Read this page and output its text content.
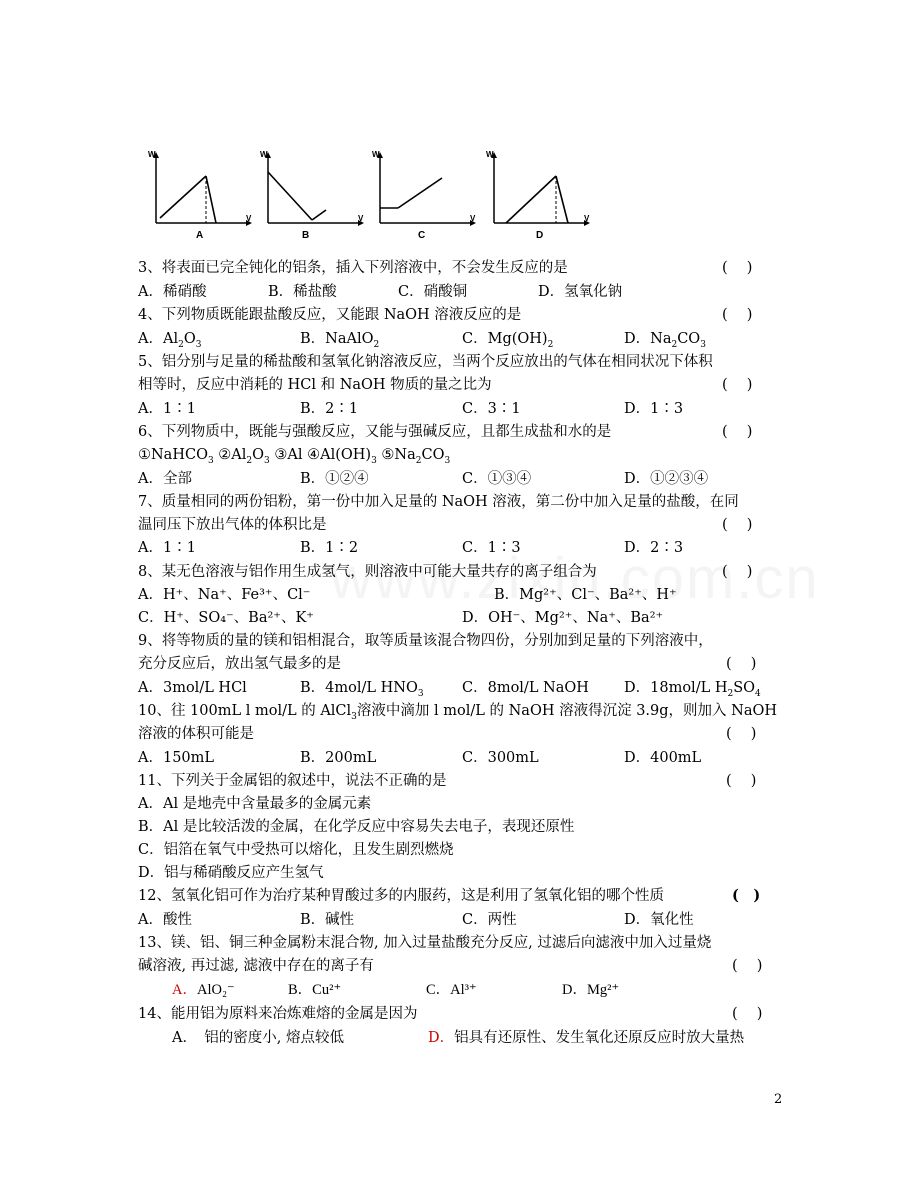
W
V
A
W
V
B
W
V
C
W
V
D
3、将表面已完全钝化的铝条，插入下列溶液中，不会发生反应的是	(　 )
A．稀硝酸	B．稀盐酸	C．硝酸铜	D．氢氧化钠
4、下列物质既能跟盐酸反应，又能跟 NaOH 溶液反应的是	(　 )
A．$Al_2O_3$	B．NaAlO$_2$	C．$Mg(OH)_2$	D．$Na_2CO_3$
5、铝分别与足量的稀盐酸和氢氧化钠溶液反应，当两个反应放出的气体在相同状况下体积
相等时，反应中消耗的 HCl 和 NaOH 物质的量之比为	(　 )
A．1∶1	B．2∶1	C．3∶1	D．1∶3
6、下列物质中，既能与强酸反应，又能与强碱反应，且都生成盐和水的是	(　 )
①NaHCO$_3$ $②Al_2O_3$ ③Al $④Al(OH)_3$ $⑤Na_2CO_3$
A．全部	B．①②④	C．①③④	D．①②③④
7、质量相同的两份铝粉，第一份中加入足量的 NaOH 溶液，第二份中加入足量的盐酸，在同
温同压下放出气体的体积比是	(　 )
A．1∶1	B．1∶2	C．1∶3	D．2∶3
8、某无色溶液与铝作用生成氢气，则溶液中可能大量共存的离子组合为	(　 )
A．H⁺、Na⁺、Fe³⁺、Cl⁻	B．Mg²⁺、Cl⁻、Ba²⁺、H⁺
C．H⁺、SO₄⁻、Ba²⁺、K⁺	D．OH⁻、Mg²⁺、Na⁺、Ba²⁺
9、将等物质的量的镁和铝相混合，取等质量该混合物四份，分别加到足量的下列溶液中，
充分反应后，放出氢气最多的是	(　 )
A．3mol/L HCl	B．4mol/L $HNO_3$	C．8mol/L NaOH D．18mol/L $H_2SO_4$
10、往 100mL l mol/L 的 AlCl$_3$溶液中滴加 l mol/L 的 NaOH 溶液得沉淀 3.9g，则加入 NaOH
溶液的体积可能是	(　 )
A．150mL	B．200mL	C．300mL	D．400mL
11、下列关于金属铝的叙述中，说法不正确的是	(　 )
A．Al 是地壳中含量最多的金属元素
B．Al 是比较活泼的金属，在化学反应中容易失去电子，表现还原性
C．铝箔在氧气中受热可以熔化，且发生剧烈燃烧
D．铝与稀硝酸反应产生氢气
12、氢氧化铝可作为治疗某种胃酸过多的内服药，这是利用了氢氧化铝的哪个性质	(　)
A．酸性	B．碱性	C．两性	D．氧化性
13、镁、铝、铜三种金属粉末混合物, 加入过量盐酸充分反应, 过滤后向滤液中加入过量烧
碱溶液, 再过滤, 滤液中存在的离子有	(　 )
A．AlO₂⁻	B．Cu²⁺	C．Al³⁺	D．Mg²⁺
14、能用铝为原料来冶炼难熔的金属是因为	(　 )
A．　铝的密度小, 熔点较低	D．铝具有还原性、发生氧化还原反应时放大量热
2
